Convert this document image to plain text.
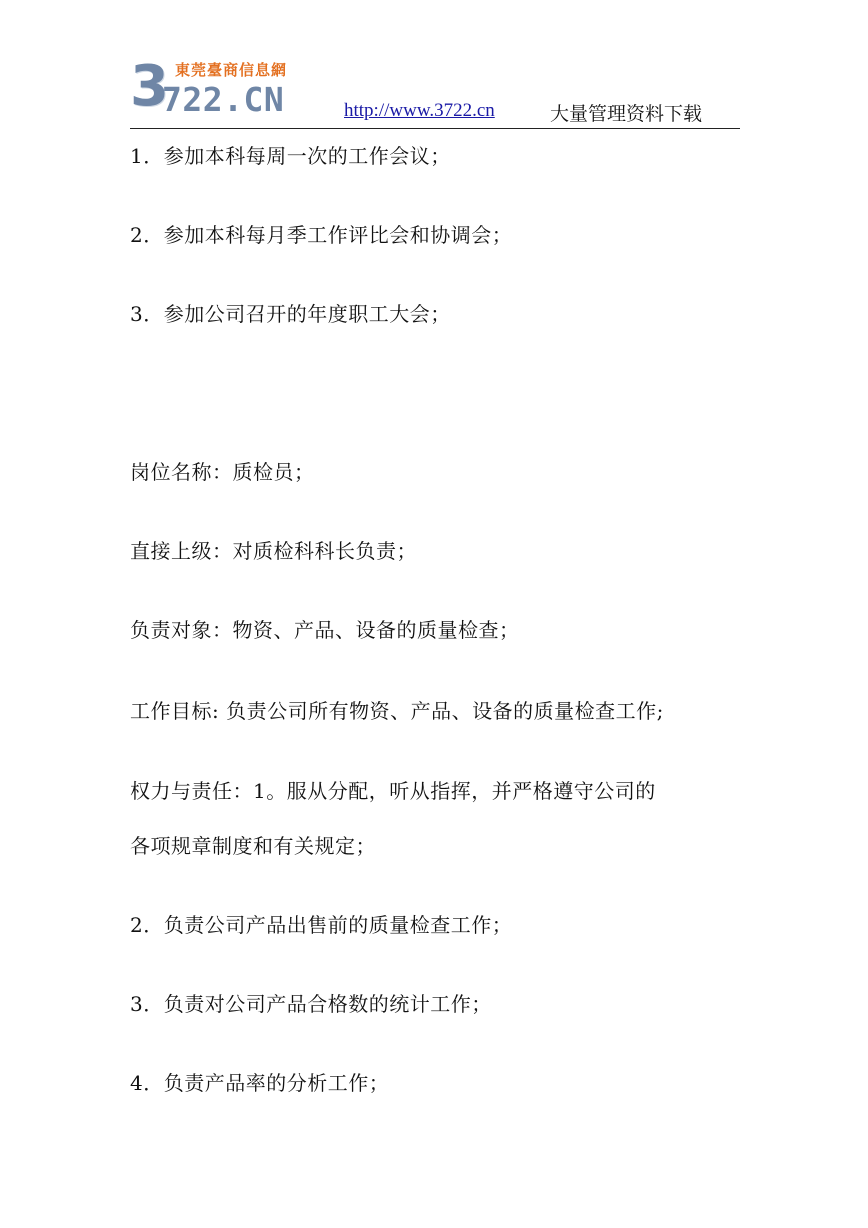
3 東莞臺商信息網
722.CN	http://www.3722.cn	大量管理资料下载
1．参加本科每周一次的工作会议；
2．参加本科每月季工作评比会和协调会；
3．参加公司召开的年度职工大会；
岗位名称：质检员；
直接上级：对质检科科长负责；
负责对象：物资、产品、设备的质量检查；
工作目标: 负责公司所有物资、产品、设备的质量检查工作;
权力与责任：1。服从分配，听从指挥，并严格遵守公司的
各项规章制度和有关规定；
2．负责公司产品出售前的质量检查工作；
3．负责对公司产品合格数的统计工作；
4．负责产品率的分析工作；
